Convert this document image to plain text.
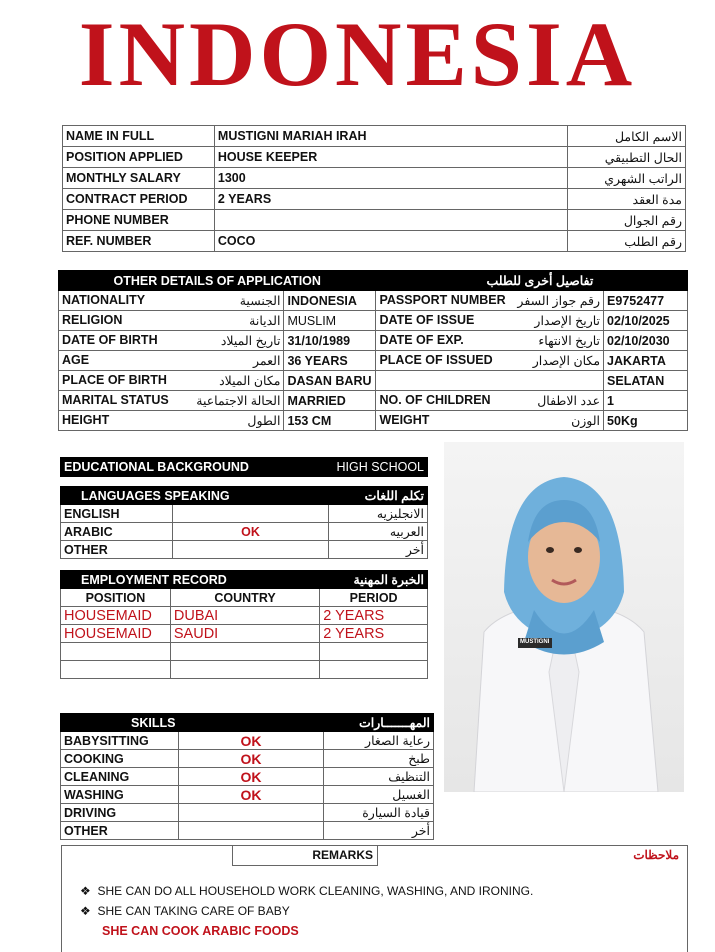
INDONESIA
NAME IN FULL	MUSTIGNI MARIAH IRAH	الاسم الكامل
POSITION APPLIED	HOUSE KEEPER	الحال التطبيقي
MONTHLY SALARY	1300	الراتب الشهري
CONTRACT PERIOD	2 YEARS	مدة العقد
PHONE NUMBER		رقم الجوال
REF. NUMBER	COCO	رقم الطلب
OTHER DETAILS OF APPLICATION		تفاصيل أخرى للطلب	
NATIONALITY الجنسية	INDONESIA	PASSPORT NUMBER رقم جواز السفر	E9752477
RELIGION الديانة	MUSLIM	DATE OF ISSUE تاريخ الإصدار	02/10/2025
DATE OF BIRTH تاريخ الميلاد	31/10/1989	DATE OF EXP. تاريخ الانتهاء	02/10/2030
AGE العمر	36 YEARS	PLACE OF ISSUED مكان الإصدار	JAKARTA
PLACE OF BIRTH مكان الميلاد	DASAN BARU		SELATAN
MARITAL STATUS الحالة الاجتماعية	MARRIED	NO. OF CHILDREN عدد الاطفال	1
HEIGHT الطول	153 CM	WEIGHT الوزن	50Kg
EDUCATIONAL BACKGROUND	HIGH SCHOOL
LANGUAGES SPEAKING		تكلم اللغات
ENGLISH		الانجليزيه
ARABIC	OK	العربيه
OTHER		أخر
EMPLOYMENT RECORD		الخبرة المهنية
POSITION	COUNTRY	PERIOD
HOUSEMAID	DUBAI	2 YEARS
HOUSEMAID	SAUDI	2 YEARS

SKILLS		المهـــــــارات
BABYSITTING	OK	رعاية الصغار
COOKING	OK	طبخ
CLEANING	OK	التنظيف
WASHING	OK	الغسيل
DRIVING		قيادة السيارة
OTHER		أخر
MUSTIGNI
REMARKS	ملاحظات
❖ SHE CAN DO ALL HOUSEHOLD WORK CLEANING, WASHING, AND IRONING.
❖ SHE CAN TAKING CARE OF BABY
SHE CAN COOK ARABIC FOODS
